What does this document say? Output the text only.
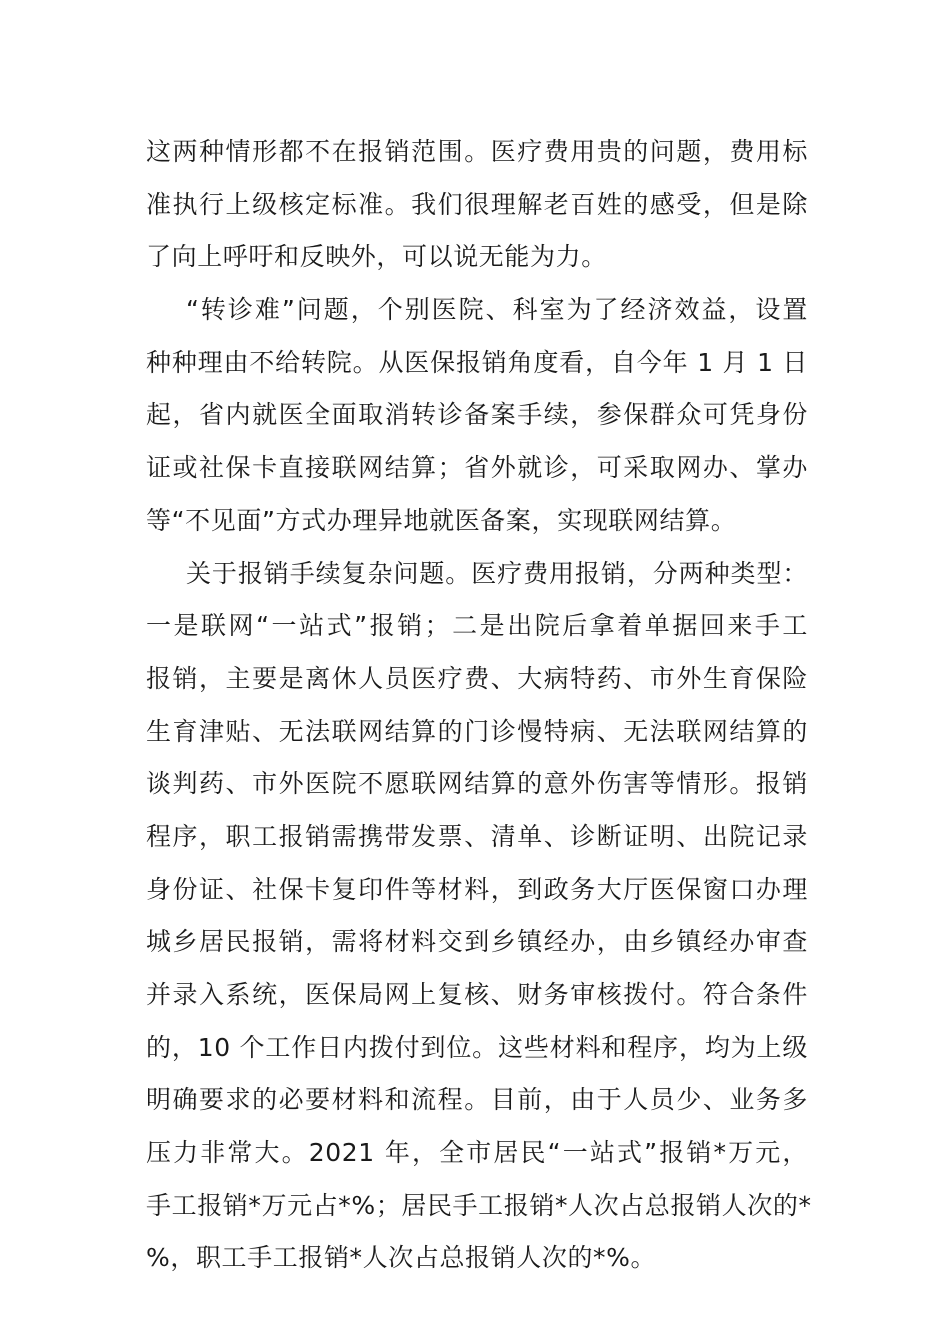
这两种情形都不在报销范围。医疗费用贵的问题，费用标
准执行上级核定标准。我们很理解老百姓的感受，但是除
了向上呼吁和反映外，可以说无能为力。
“转诊难”问题，个别医院、科室为了经济效益，设置
种种理由不给转院。从医保报销角度看，自今年 1 月 1 日
起，省内就医全面取消转诊备案手续，参保群众可凭身份
证或社保卡直接联网结算；省外就诊，可采取网办、掌办
等“不见面”方式办理异地就医备案，实现联网结算。
关于报销手续复杂问题。医疗费用报销，分两种类型：
一是联网“一站式”报销；二是出院后拿着单据回来手工
报销，主要是离休人员医疗费、大病特药、市外生育保险
生育津贴、无法联网结算的门诊慢特病、无法联网结算的
谈判药、市外医院不愿联网结算的意外伤害等情形。报销
程序，职工报销需携带发票、清单、诊断证明、出院记录
身份证、社保卡复印件等材料，到政务大厅医保窗口办理
城乡居民报销，需将材料交到乡镇经办，由乡镇经办审查
并录入系统，医保局网上复核、财务审核拨付。符合条件
的，10 个工作日内拨付到位。这些材料和程序，均为上级
明确要求的必要材料和流程。目前，由于人员少、业务多
压力非常大。2021 年，全市居民“一站式”报销*万元，
手工报销*万元占*%；居民手工报销*人次占总报销人次的*
%，职工手工报销*人次占总报销人次的*%。
